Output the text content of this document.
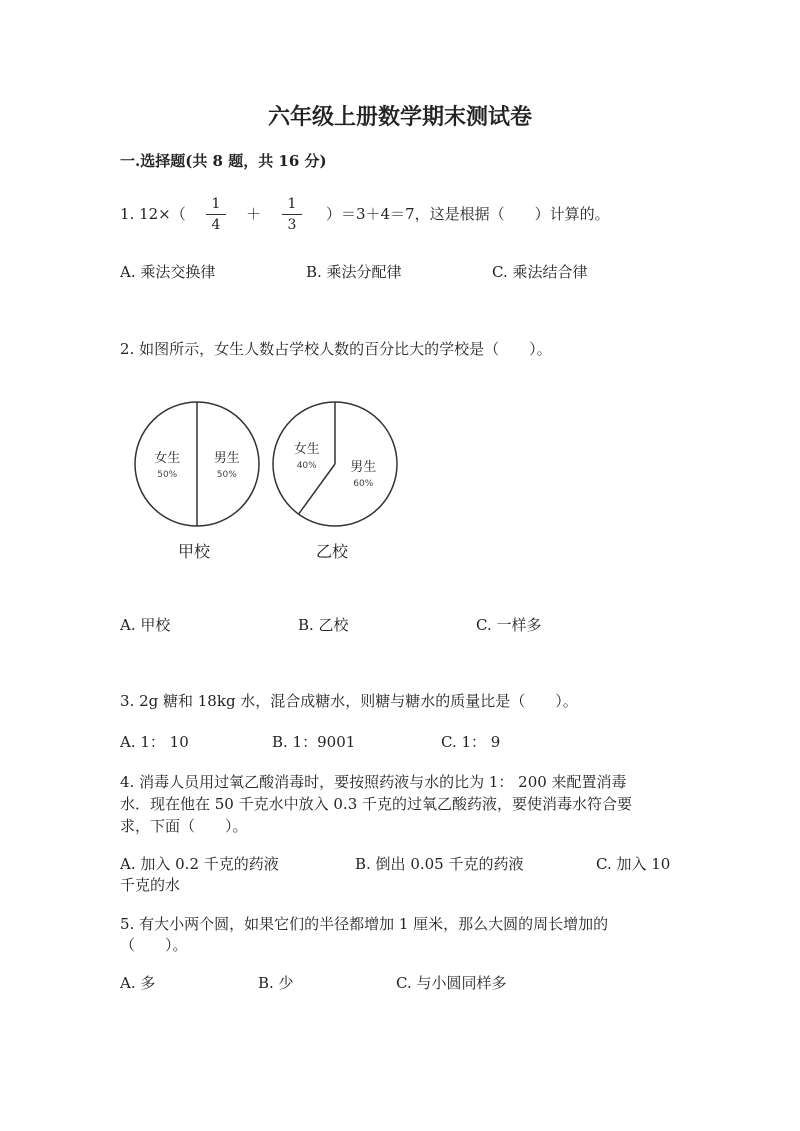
六年级上册数学期末测试卷
一.选择题(共 8 题，共 16 分)
1. 12×（
1
4
＋
1
3
）＝3＋4＝7，这是根据（　　）计算的。
A. 乘法交换律	B. 乘法分配律	C. 乘法结合律
2. 如图所示，女生人数占学校人数的百分比大的学校是（　　）。
女生
50%
男生
50%
甲校
女生
40%	男生
60%
乙校
A. 甲校	B. 乙校	C. 一样多
3. 2g 糖和 18kg 水，混合成糖水，则糖与糖水的质量比是（　　）。
A. 1： 10	B. 1：9001	C. 1： 9
4. 消毒人员用过氧乙酸消毒时，要按照药液与水的比为 1： 200 来配置消毒
水．现在他在 50 千克水中放入 0.3 千克的过氧乙酸药液，要使消毒水符合要
求，下面（　　）。
A. 加入 0.2 千克的药液	B. 倒出 0.05 千克的药液	C. 加入 10
千克的水
5. 有大小两个圆，如果它们的半径都增加 1 厘米，那么大圆的周长增加的
（　　）。
A. 多	B. 少	C. 与小圆同样多
